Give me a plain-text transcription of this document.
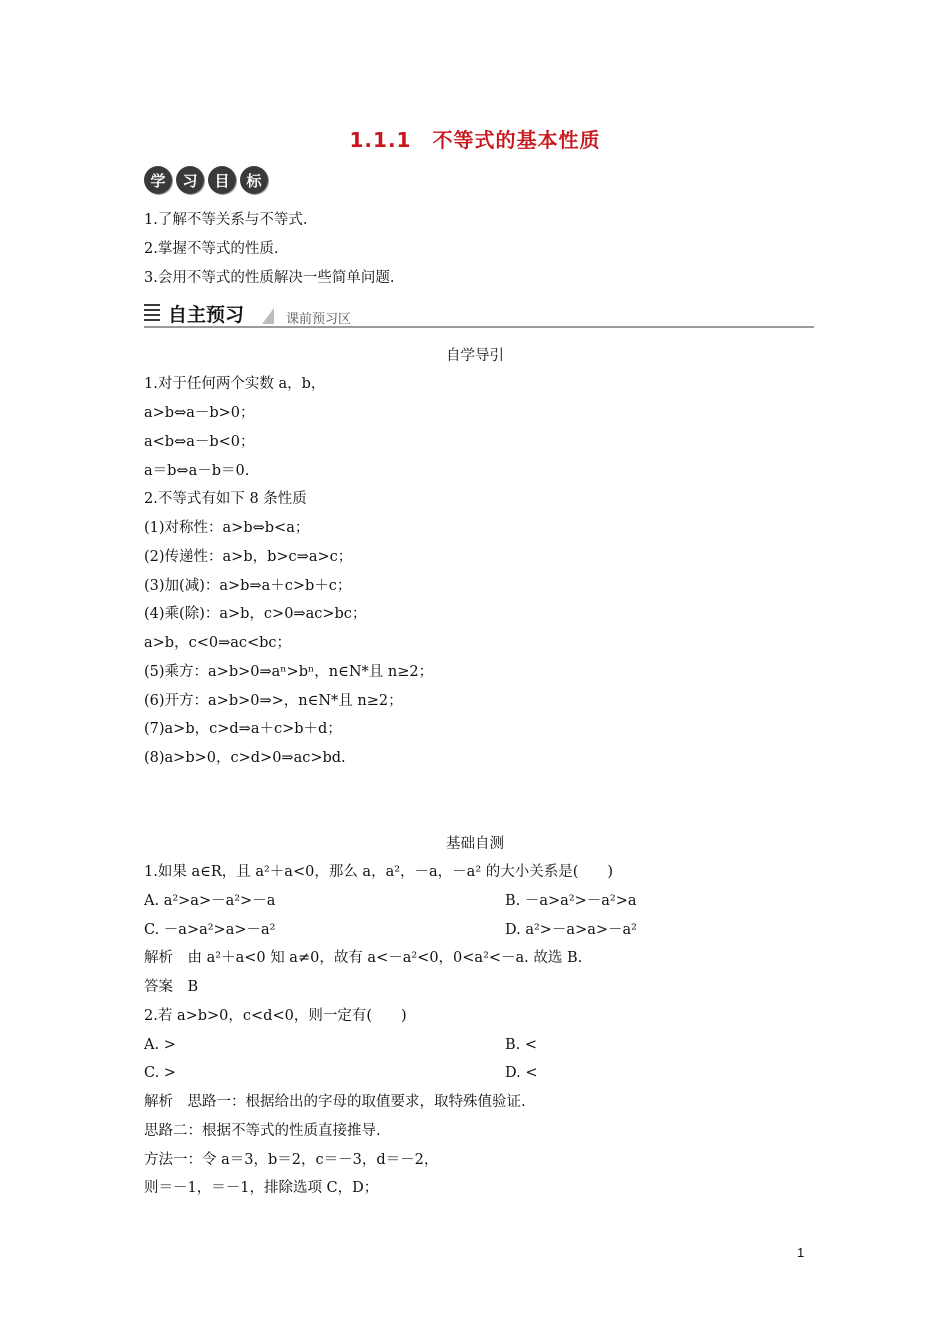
1.1.1　不等式的基本性质
学	习	目	标
1.了解不等关系与不等式.
2.掌握不等式的性质.
3.会用不等式的性质解决一些简单问题.
自主预习	课前预习区
自学导引
1.对于任何两个实数 a，b，
a>b⇔a－b>0；
a<b⇔a－b<0；
a＝b⇔a－b＝0.
2.不等式有如下 8 条性质
(1)对称性：a>b⇔b<a；
(2)传递性：a>b，b>c⇒a>c；
(3)加(减)：a>b⇒a＋c>b＋c；
(4)乘(除)：a>b，c>0⇒ac>bc；
a>b，c<0⇒ac<bc；
(5)乘方：a>b>0⇒aⁿ>bⁿ，n∈N*且 n≥2；
(6)开方：a>b>0⇒>，n∈N*且 n≥2；
(7)a>b，c>d⇒a＋c>b＋d；
(8)a>b>0，c>d>0⇒ac>bd.
基础自测
1.如果 a∈R，且 a²＋a<0，那么 a，a²，－a，－a² 的大小关系是(　　)
A. a²>a>－a²>－a	B. －a>a²>－a²>a
C. －a>a²>a>－a²	D. a²>－a>a>－a²
解析　由 a²＋a<0 知 a≠0，故有 a<－a²<0，0<a²<－a. 故选 B.
答案　B
2.若 a>b>0，c<d<0，则一定有(　　)
A. >	B. <
C. >	D. <
解析　思路一：根据给出的字母的取值要求，取特殊值验证.
思路二：根据不等式的性质直接推导.
方法一：令 a＝3，b＝2，c＝－3，d＝－2，
则＝－1，＝－1，排除选项 C，D；
1
